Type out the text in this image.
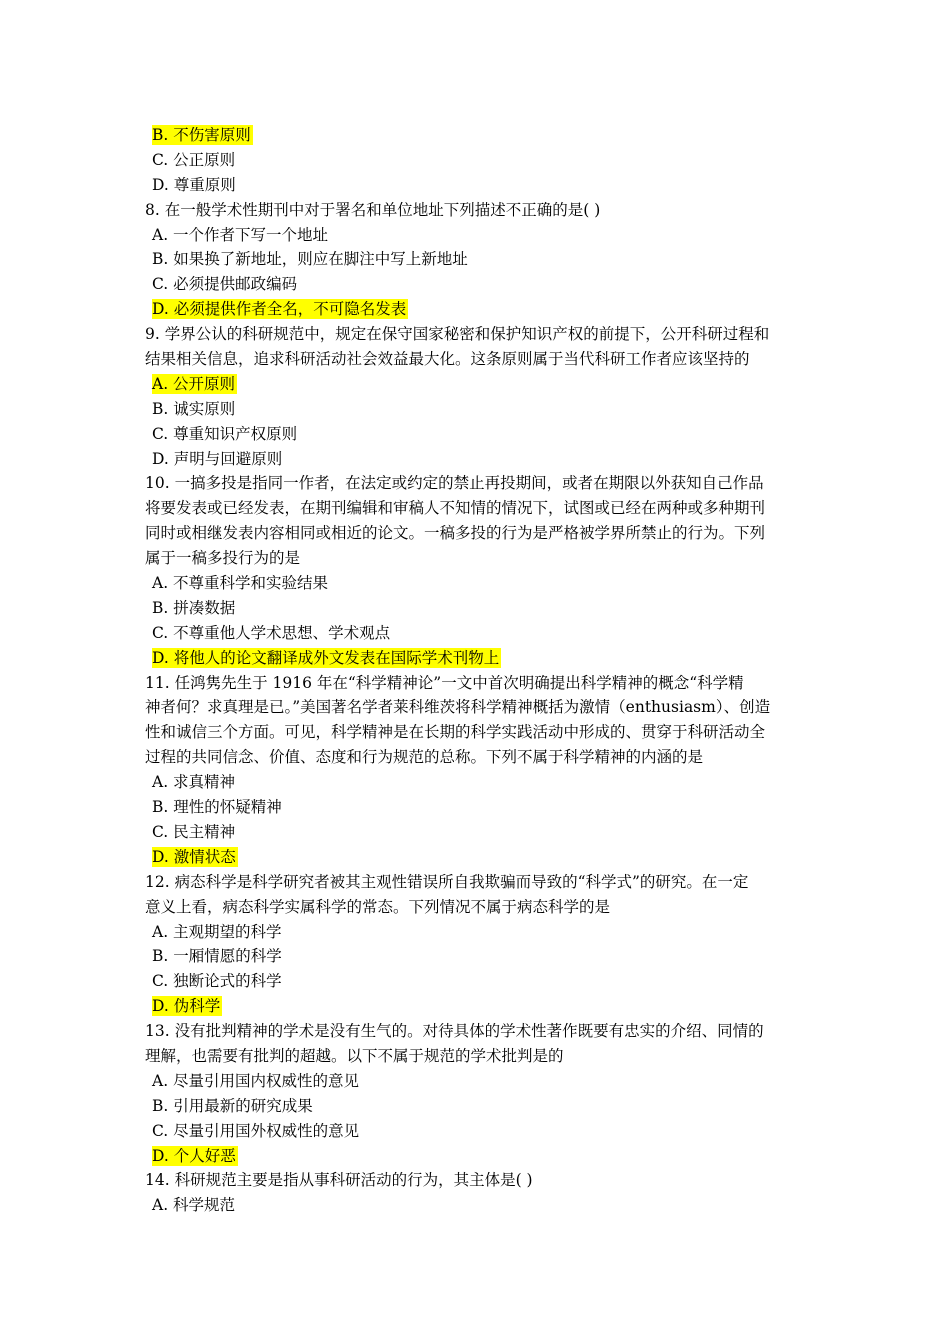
B. 不伤害原则
C. 公正原则
D. 尊重原则
8. 在一般学术性期刊中对于署名和单位地址下列描述不正确的是( )
A. 一个作者下写一个地址
B. 如果换了新地址，则应在脚注中写上新地址
C. 必须提供邮政编码
D. 必须提供作者全名，不可隐名发表
9. 学界公认的科研规范中，规定在保守国家秘密和保护知识产权的前提下，公开科研过程和
结果相关信息，追求科研活动社会效益最大化。这条原则属于当代科研工作者应该坚持的
A. 公开原则
B. 诚实原则
C. 尊重知识产权原则
D. 声明与回避原则
10. 一搞多投是指同一作者，在法定或约定的禁止再投期间，或者在期限以外获知自己作品
将要发表或已经发表，在期刊编辑和审稿人不知情的情况下，试图或已经在两种或多种期刊
同时或相继发表内容相同或相近的论文。一稿多投的行为是严格被学界所禁止的行为。下列
属于一稿多投行为的是
A. 不尊重科学和实验结果
B. 拼凑数据
C. 不尊重他人学术思想、学术观点
D. 将他人的论文翻译成外文发表在国际学术刊物上
11. 任鸿隽先生于 1916 年在“科学精神论”一文中首次明确提出科学精神的概念“科学精
神者何？求真理是已。”美国著名学者莱科维茨将科学精神概括为激情（enthusiasm）、创造
性和诚信三个方面。可见，科学精神是在长期的科学实践活动中形成的、贯穿于科研活动全
过程的共同信念、价值、态度和行为规范的总称。下列不属于科学精神的内涵的是
A. 求真精神
B. 理性的怀疑精神
C. 民主精神
D. 激情状态
12. 病态科学是科学研究者被其主观性错误所自我欺骗而导致的“科学式”的研究。在一定
意义上看，病态科学实属科学的常态。下列情况不属于病态科学的是
A. 主观期望的科学
B. 一厢情愿的科学
C. 独断论式的科学
D. 伪科学
13. 没有批判精神的学术是没有生气的。对待具体的学术性著作既要有忠实的介绍、同情的
理解，也需要有批判的超越。以下不属于规范的学术批判是的
A. 尽量引用国内权威性的意见
B. 引用最新的研究成果
C. 尽量引用国外权威性的意见
D. 个人好恶
14. 科研规范主要是指从事科研活动的行为，其主体是( )
A. 科学规范
